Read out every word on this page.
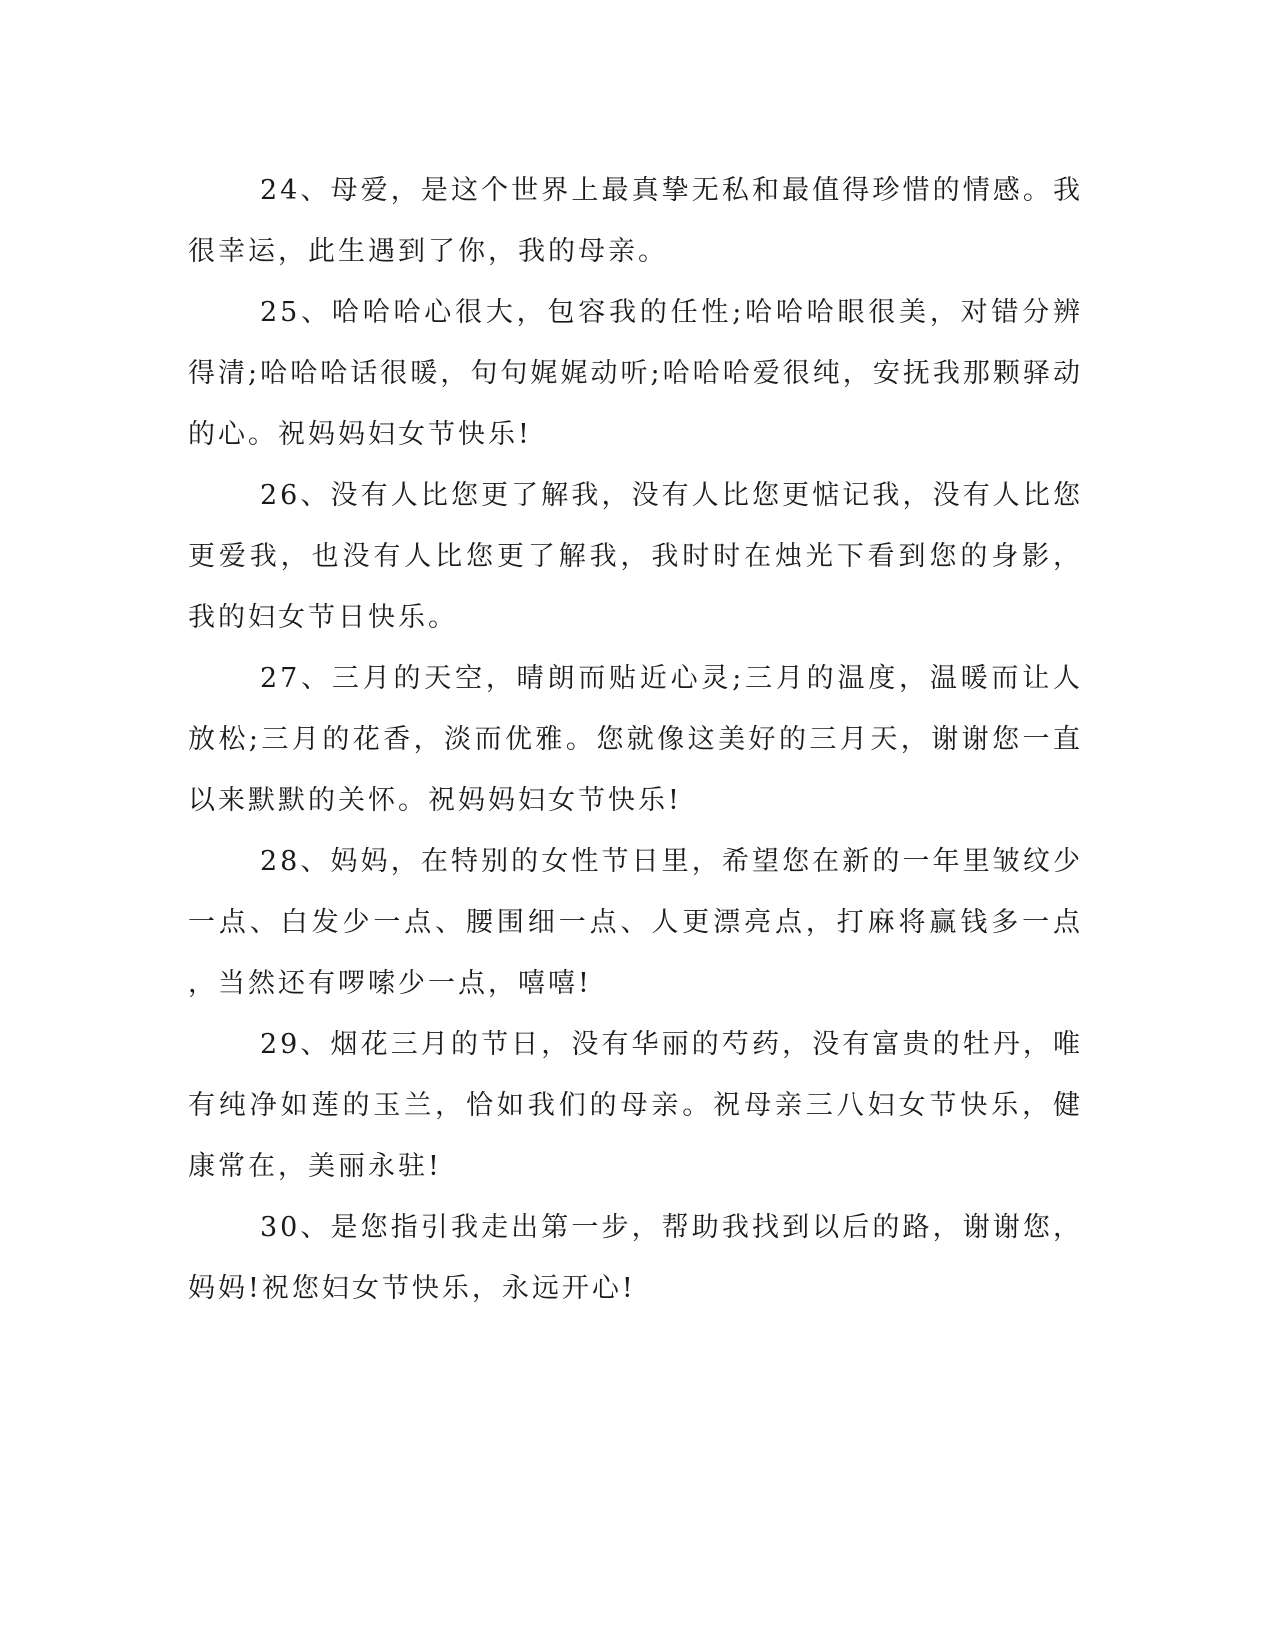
24、母爱，是这个世界上最真挚无私和最值得珍惜的情感。我很幸运，此生遇到了你，我的母亲。

25、哈哈哈心很大，包容我的任性;哈哈哈眼很美，对错分辨得清;哈哈哈话很暖，句句娓娓动听;哈哈哈爱很纯，安抚我那颗驿动的心。祝妈妈妇女节快乐!

26、没有人比您更了解我，没有人比您更惦记我，没有人比您更爱我，也没有人比您更了解我，我时时在烛光下看到您的身影，我的妇女节日快乐。

27、三月的天空，晴朗而贴近心灵;三月的温度，温暖而让人放松;三月的花香，淡而优雅。您就像这美好的三月天，谢谢您一直以来默默的关怀。祝妈妈妇女节快乐!

28、妈妈，在特别的女性节日里，希望您在新的一年里皱纹少一点、白发少一点、腰围细一点、人更漂亮点，打麻将赢钱多一点，当然还有啰嗦少一点，嘻嘻!

29、烟花三月的节日，没有华丽的芍药，没有富贵的牡丹，唯有纯净如莲的玉兰，恰如我们的母亲。祝母亲三八妇女节快乐，健康常在，美丽永驻!

30、是您指引我走出第一步，帮助我找到以后的路，谢谢您，妈妈!祝您妇女节快乐，永远开心!
